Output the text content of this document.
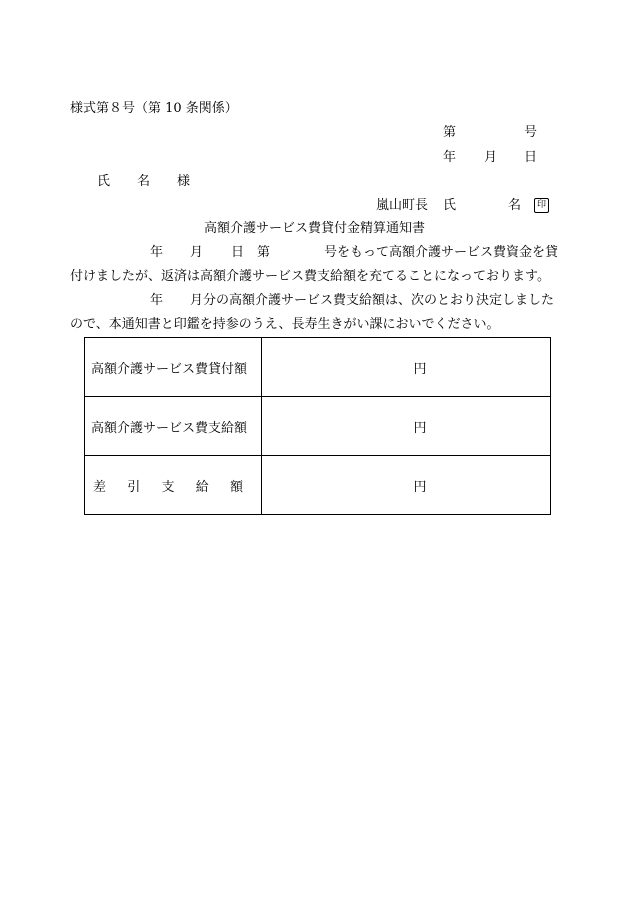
様式第８号（第 10 条関係）
第	号
年 月 日
氏 名 様
嵐山町長 氏	名	印
高額介護サービス費貸付金精算通知書
年 月 日 第	号をもって高額介護サービス費資金を貸
付けましたが、返済は高額介護サービス費支給額を充てることになっております。
年 月分の高額介護サービス費支給額は、次のとおり決定しました
ので、本通知書と印鑑を持参のうえ、長寿生きがい課においでください。
高額介護サービス費貸付額	円
高額介護サービス費支給額	円

差 引 支 給 額	円
